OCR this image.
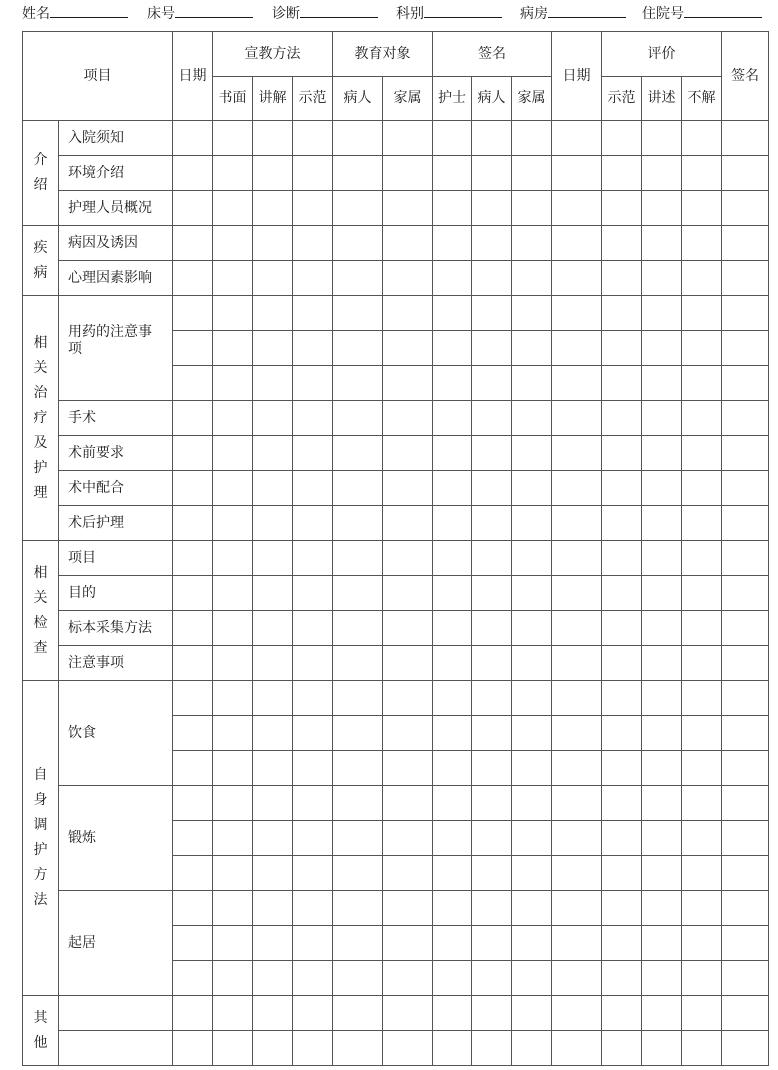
姓名	床号	诊断	科别	病房	住院号
项目		日期	宣教方法			教育对象		签名			日期	评价			签名
			书面	讲解	示范	病人	家属	护士	病人	家属		示范	讲述	不解	
介绍	入院须知														
	环境介绍														
	护理人员概况														
疾病	病因及诱因														
	心理因素影响														
相关治疗及护理	用药的注意事项														

	手术														
	术前要求														
	术中配合														
	术后护理														
相关检查	项目														
	目的														
	标本采集方法														
	注意事项														
自身调护方法	饮食														

	锻炼														

	起居														

其他															
